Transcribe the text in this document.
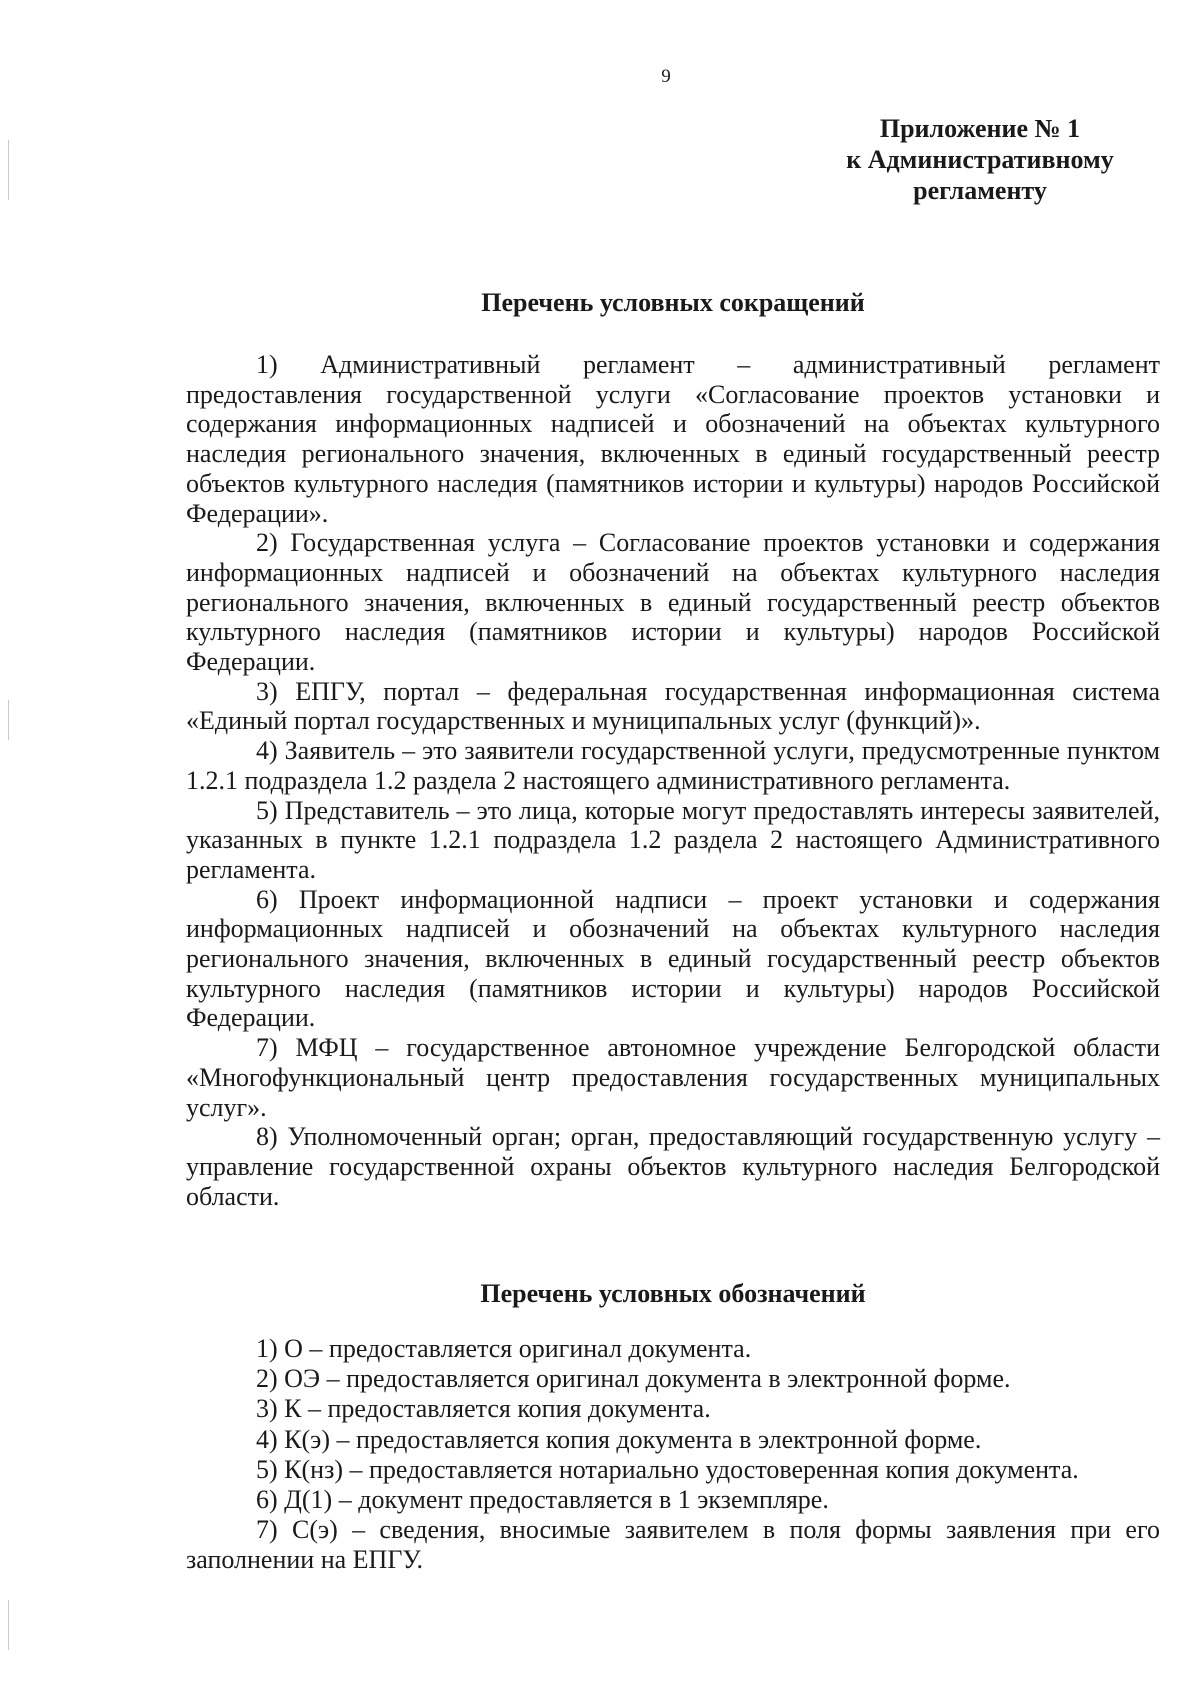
9
Приложение № 1
к Административному
регламенту
Перечень условных сокращений

1) Административный регламент – административный регламент предоставления государственной услуги «Согласование проектов установки и содержания информационных надписей и обозначений на объектах культурного наследия регионального значения, включенных в единый государственный реестр объектов культурного наследия (памятников истории и культуры) народов Российской Федерации».

2) Государственная услуга – Согласование проектов установки и содержания информационных надписей и обозначений на объектах культурного наследия регионального значения, включенных в единый государственный реестр объектов культурного наследия (памятников истории и культуры) народов Российской Федерации.

3) ЕПГУ, портал – федеральная государственная информационная система «Единый портал государственных и муниципальных услуг (функций)».

4) Заявитель – это заявители государственной услуги, предусмотренные пунктом 1.2.1 подраздела 1.2 раздела 2 настоящего административного регламента.

5) Представитель – это лица, которые могут предоставлять интересы заявителей, указанных в пункте 1.2.1 подраздела 1.2 раздела 2 настоящего Административного регламента.

6) Проект информационной надписи – проект установки и содержания информационных надписей и обозначений на объектах культурного наследия регионального значения, включенных в единый государственный реестр объектов культурного наследия (памятников истории и культуры) народов Российской Федерации.

7) МФЦ – государственное автономное учреждение Белгородской области «Многофункциональный центр предоставления государственных муниципальных услуг».

8) Уполномоченный орган; орган, предоставляющий государственную услугу – управление государственной охраны объектов культурного наследия Белгородской области.

Перечень условных обозначений

1) О – предоставляется оригинал документа.

2) ОЭ – предоставляется оригинал документа в электронной форме.

3) К – предоставляется копия документа.

4) К(э) – предоставляется копия документа в электронной форме.

5) К(нз) – предоставляется нотариально удостоверенная копия документа.

6) Д(1) – документ предоставляется в 1 экземпляре.

7) С(э) – сведения, вносимые заявителем в поля формы заявления при его заполнении на ЕПГУ.
